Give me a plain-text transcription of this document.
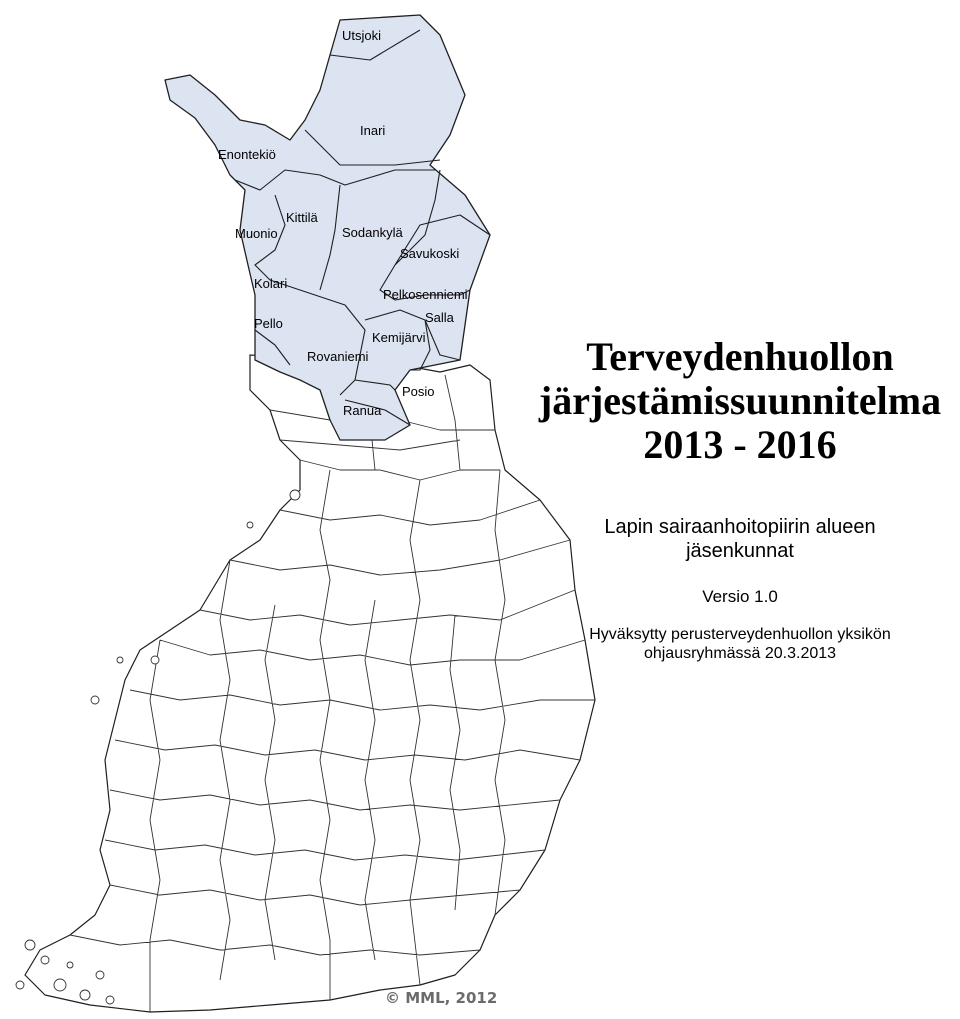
Utsjoki
Inari
Enontekiö
Kittilä
Muonio	Sodankylä
Savukoski
Kolari
Pelkosenniemi
Salla
Pello
Kemijärvi
Rovaniemi
Posio
Ranua
© MML, 2012

Terveydenhuollon

järjestämissuunnitelma

2013 - 2016

Lapin sairaanhoitopiirin alueen

jäsenkunnat

Versio 1.0

Hyväksytty perusterveydenhuollon yksikön

ohjausryhmässä 20.3.2013
